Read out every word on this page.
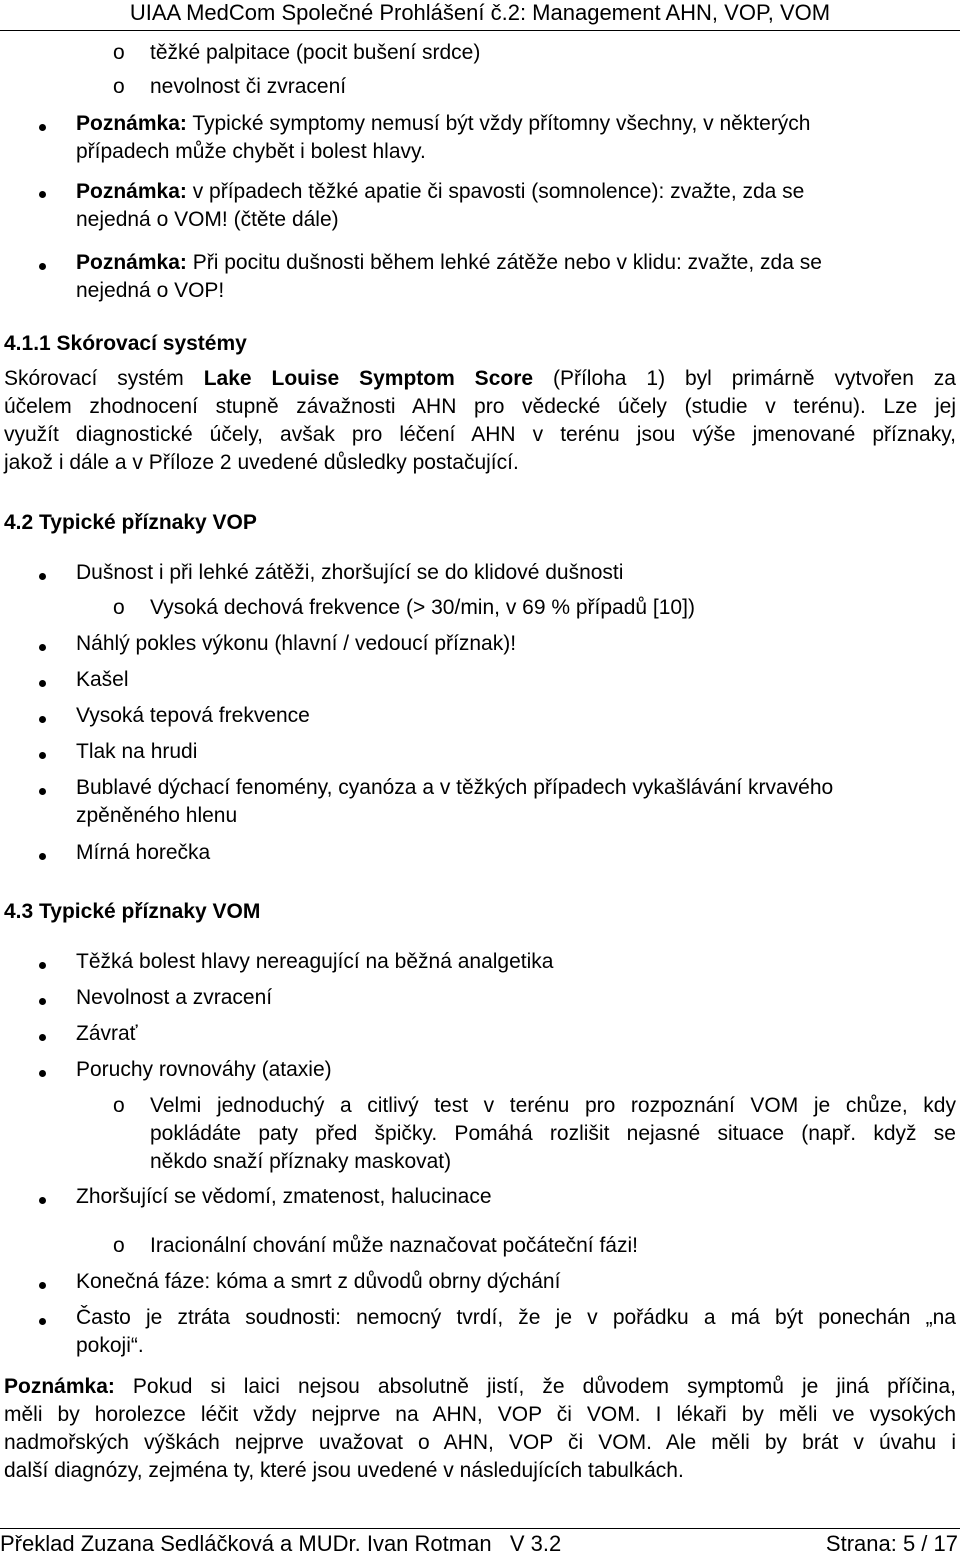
UIAA MedCom Společné Prohlášení č.2: Management AHN, VOP, VOM
o těžké palpitace (pocit bušení srdce)
o nevolnost či zvracení
Poznámka: Typické symptomy nemusí být vždy přítomny všechny, v některých
případech může chybět i bolest hlavy.
Poznámka: v případech těžké apatie či spavosti (somnolence): zvažte, zda se
nejedná o VOM! (čtěte dále)
Poznámka: Při pocitu dušnosti během lehké zátěže nebo v klidu: zvažte, zda se
nejedná o VOP!
4.1.1 Skórovací systémy
Skórovací systém Lake Louise Symptom Score (Příloha 1) byl primárně vytvořen za
účelem zhodnocení stupně závažnosti AHN pro vědecké účely (studie v terénu). Lze jej
využít diagnostické účely, avšak pro léčení AHN v terénu jsou výše jmenované příznaky,
jakož i dále a v Příloze 2 uvedené důsledky postačující.
4.2 Typické příznaky VOP
Dušnost i při lehké zátěži, zhoršující se do klidové dušnosti
o Vysoká dechová frekvence (> 30/min, v 69 % případů [10])
Náhlý pokles výkonu (hlavní / vedoucí příznak)!
Kašel
Vysoká tepová frekvence
Tlak na hrudi
Bublavé dýchací fenomény, cyanóza a v těžkých případech vykašlávání krvavého
zpěněného hlenu
Mírná horečka
4.3 Typické příznaky VOM
Těžká bolest hlavy nereagující na běžná analgetika
Nevolnost a zvracení
Závrať
Poruchy rovnováhy (ataxie)
o Velmi jednoduchý a citlivý test v terénu pro rozpoznání VOM je chůze, kdy
pokládáte paty před špičky. Pomáhá rozlišit nejasné situace (např. když se
někdo snaží příznaky maskovat)
Zhoršující se vědomí, zmatenost, halucinace
o Iracionální chování může naznačovat počáteční fázi!
Konečná fáze: kóma a smrt z důvodů obrny dýchání
Často je ztráta soudnosti: nemocný tvrdí, že je v pořádku a má být ponechán „na
pokoji“.
Poznámka: Pokud si laici nejsou absolutně jistí, že důvodem symptomů je jiná příčina,
měli by horolezce léčit vždy nejprve na AHN, VOP či VOM. I lékaři by měli ve vysokých
nadmořských výškách nejprve uvažovat o AHN, VOP či VOM. Ale měli by brát v úvahu i
další diagnózy, zejména ty, které jsou uvedené v následujících tabulkách.
Překlad Zuzana Sedláčková a MUDr. Ivan Rotman   V 3.2	Strana: 5 / 17
